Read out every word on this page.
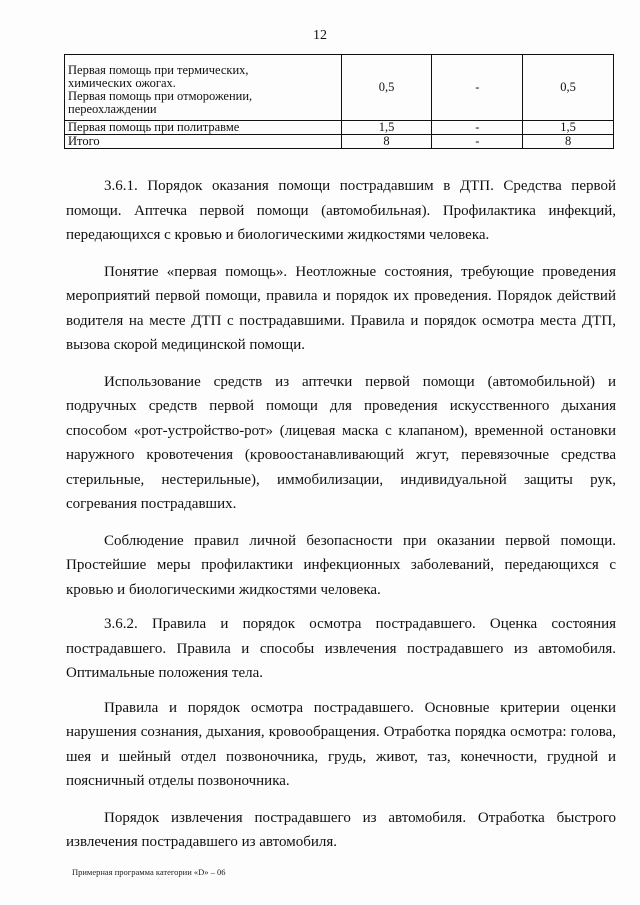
12
Первая помощь при термических,
химических ожогах.
Первая помощь при отморожении,
переохлаждении	0,5	-	0,5
Первая помощь при политравме	1,5	-	1,5
Итого	8	-	8

3.6.1. Порядок оказания помощи пострадавшим в ДТП. Средства первой помощи. Аптечка первой помощи (автомобильная). Профилактика инфекций, передающихся с кровью и биологическими жидкостями человека.

Понятие «первая помощь». Неотложные состояния, требующие проведения мероприятий первой помощи, правила и порядок их проведения. Порядок действий водителя на месте ДТП с пострадавшими. Правила и порядок осмотра места ДТП, вызова скорой медицинской помощи.

Использование средств из аптечки первой помощи (автомобильной) и подручных средств первой помощи для проведения искусственного дыхания способом «рот-устройство-рот» (лицевая маска с клапаном), временной остановки наружного кровотечения (кровоостанавливающий жгут, перевязочные средства стерильные, нестерильные), иммобилизации, индивидуальной защиты рук, согревания пострадавших.

Соблюдение правил личной безопасности при оказании первой помощи. Простейшие меры профилактики инфекционных заболеваний, передающихся с кровью и биологическими жидкостями человека.

3.6.2. Правила и порядок осмотра пострадавшего. Оценка состояния пострадавшего. Правила и способы извлечения пострадавшего из автомобиля. Оптимальные положения тела.

Правила и порядок осмотра пострадавшего. Основные критерии оценки нарушения сознания, дыхания, кровообращения. Отработка порядка осмотра: голова, шея и шейный отдел позвоночника, грудь, живот, таз, конечности, грудной и поясничный отделы позвоночника.

Порядок извлечения пострадавшего из автомобиля. Отработка быстрого извлечения пострадавшего из автомобиля.

Примерная программа категории «D» – 06
